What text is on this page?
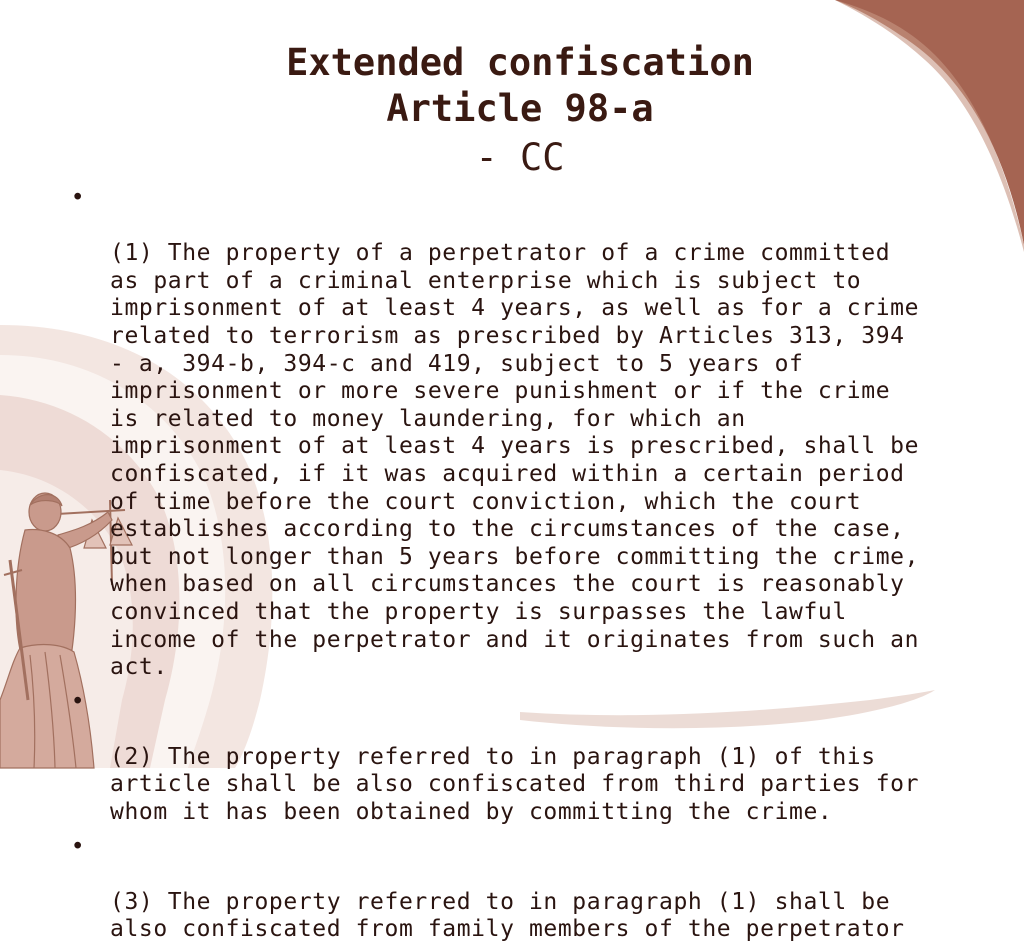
Extended confiscation
Article 98-a
- CC

•

(1) The property of a perpetrator of a crime committed
as part of a criminal enterprise which is subject to
imprisonment of at least 4 years, as well as for a crime
related to terrorism as prescribed by Articles 313, 394
- a, 394-b, 394-c and 419, subject to 5 years of
imprisonment or more severe punishment or if the crime
is related to money laundering, for which an
imprisonment of at least 4 years is prescribed, shall be
confiscated, if it was acquired within a certain period
of time before the court conviction, which the court
establishes according to the circumstances of the case,
but not longer than 5 years before committing the crime,
when based on all circumstances the court is reasonably
convinced that the property is surpasses the lawful
income of the perpetrator and it originates from such an
act.

•

(2) The property referred to in paragraph (1) of this
article shall be also confiscated from third parties for
whom it has been obtained by committing the crime.

•

(3) The property referred to in paragraph (1) shall be
also confiscated from family members of the perpetrator
